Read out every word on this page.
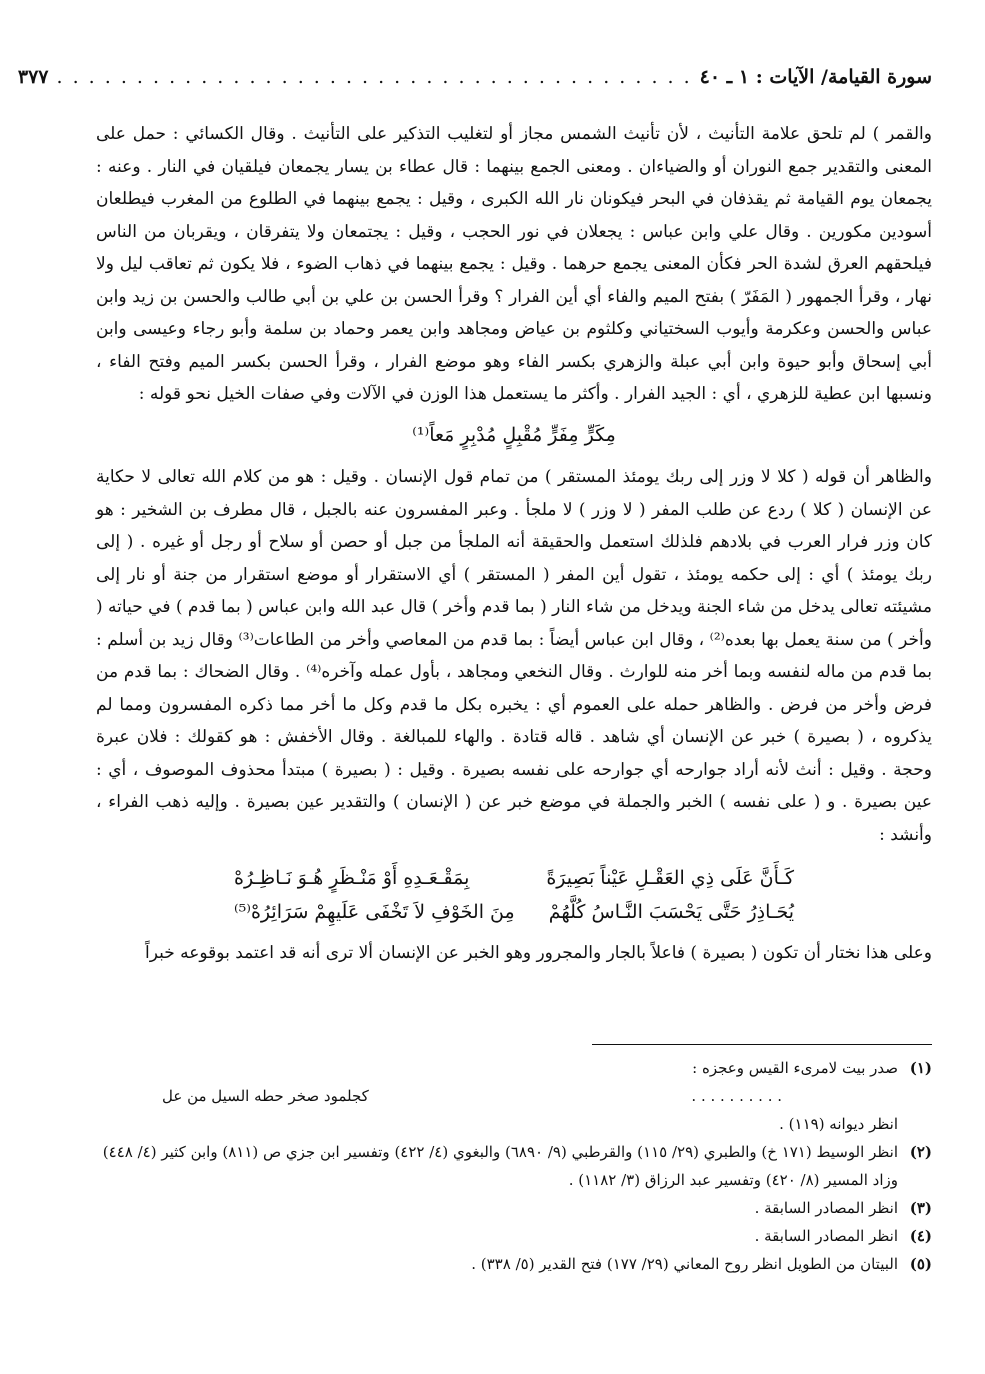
سورة القيامة/ الآيات : ١ ـ ٤٠
. . . . . . . . . . . . . . . . . . . . . . . . . . . . . . . . . . . . . . . .
٣٧٧

والقمر ) لم تلحق علامة التأنيث ، لأن تأنيث الشمس مجاز أو لتغليب التذكير على التأنيث . وقال الكسائي : حمل على المعنى والتقدير جمع النوران أو والضياءان . ومعنى الجمع بينهما : قال عطاء بن يسار يجمعان فيلقيان في النار . وعنه : يجمعان يوم القيامة ثم يقذفان في البحر فيكونان نار الله الكبرى ، وقيل : يجمع بينهما في الطلوع من المغرب فيطلعان أسودين مكورين . وقال علي وابن عباس : يجعلان في نور الحجب ، وقيل : يجتمعان ولا يتفرقان ، ويقربان من الناس فيلحقهم العرق لشدة الحر فكأن المعنى يجمع حرهما . وقيل : يجمع بينهما في ذهاب الضوء ، فلا يكون ثم تعاقب ليل ولا نهار ، وقرأ الجمهور ( المَفَرّ ) بفتح الميم والفاء أي أين الفرار ؟ وقرأ الحسن بن علي بن أبي طالب والحسن بن زيد وابن عباس والحسن وعكرمة وأيوب السختياني وكلثوم بن عياض ومجاهد وابن يعمر وحماد بن سلمة وأبو رجاء وعيسى وابن أبي إسحاق وأبو حيوة وابن أبي عبلة والزهري بكسر الفاء وهو موضع الفرار ، وقرأ الحسن بكسر الميم وفتح الفاء ، ونسبها ابن عطية للزهري ، أي : الجيد الفرار . وأكثر ما يستعمل هذا الوزن في الآلات وفي صفات الخيل نحو قوله :

مِكَرٍّ مِفَرٍّ مُقْبِلٍ مُدْبِرٍ مَعاً⁽¹⁾

والظاهر أن قوله ( كلا لا وزر إلى ربك يومئذ المستقر ) من تمام قول الإنسان . وقيل : هو من كلام الله تعالى لا حكاية عن الإنسان ( كلا ) ردع عن طلب المفر ( لا وزر ) لا ملجأ . وعبر المفسرون عنه بالجبل ، قال مطرف بن الشخير : هو كان وزر فرار العرب في بلادهم فلذلك استعمل والحقيقة أنه الملجأ من جبل أو حصن أو سلاح أو رجل أو غيره . ( إلى ربك يومئذ ) أي : إلى حكمه يومئذ ، تقول أين المفر ( المستقر ) أي الاستقرار أو موضع استقرار من جنة أو نار إلى مشيئته تعالى يدخل من شاء الجنة ويدخل من شاء النار ( بما قدم وأخر ) قال عبد الله وابن عباس ( بما قدم ) في حياته ( وأخر ) من سنة يعمل بها بعده⁽²⁾ ، وقال ابن عباس أيضاً : بما قدم من المعاصي وأخر من الطاعات⁽³⁾ وقال زيد بن أسلم : بما قدم من ماله لنفسه وبما أخر منه للوارث . وقال النخعي ومجاهد ، بأول عمله وآخره⁽⁴⁾ . وقال الضحاك : بما قدم من فرض وأخر من فرض . والظاهر حمله على العموم أي : يخبره بكل ما قدم وكل ما أخر مما ذكره المفسرون ومما لم يذكروه ، ( بصيرة ) خبر عن الإنسان أي شاهد . قاله قتادة . والهاء للمبالغة . وقال الأخفش : هو كقولك : فلان عبرة وحجة . وقيل : أنث لأنه أراد جوارحه أي جوارحه على نفسه بصيرة . وقيل : ( بصيرة ) مبتدأ محذوف الموصوف ، أي : عين بصيرة . و ( على نفسه ) الخبر والجملة في موضع خبر عن ( الإنسان ) والتقدير عين بصيرة . وإليه ذهب الفراء ، وأنشد :

كَـأَنَّ عَلَى ذِي العَقْـلِ عَيْناً بَصِيرَةً
بِمَقْـعَـدِهِ أَوْ مَنْـظَرٍ هُـوَ نَـاظِـرُهْ
يُحَـاذِرُ حَتَّى يَحْسَبَ النَّـاسُ كُلَّهُمْ
مِنَ الخَوْفِ لاَ تَخْفَى عَلَيهِمْ سَرَائِرُهْ⁽⁵⁾

وعلى هذا نختار أن تكون ( بصيرة ) فاعلاً بالجار والمجرور وهو الخبر عن الإنسان ألا ترى أنه قد اعتمد بوقوعه خبراً

(١)
صدر بيت لامرىء القيس وعجزه :
. . . . . . . . . .
كجلمود صخر حطه السيل من عل
انظر ديوانه (١١٩) .
(٢)
انظر الوسيط (١٧١ خ) والطبري (٢٩/ ١١٥) والقرطبي (٩/ ٦٨٩٠) والبغوي (٤/ ٤٢٢) وتفسير ابن جزي ص (٨١١) وابن كثير (٤/ ٤٤٨) وزاد المسير (٨/ ٤٢٠) وتفسير عبد الرزاق (٣/ ١١٨٢) .
(٣)
انظر المصادر السابقة .
(٤)
انظر المصادر السابقة .
(٥)
البيتان من الطويل انظر روح المعاني (٢٩/ ١٧٧) فتح القدير (٥/ ٣٣٨) .
